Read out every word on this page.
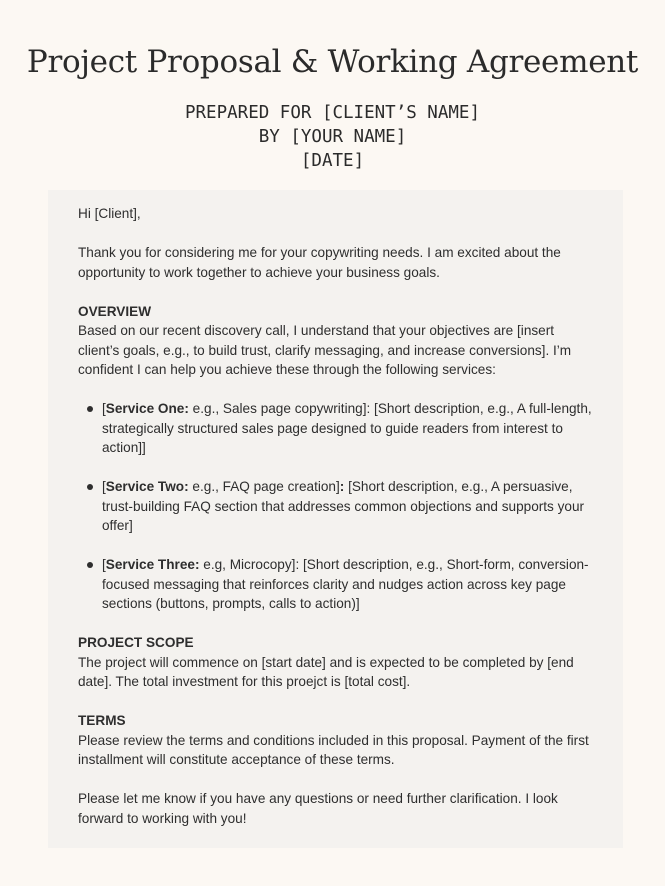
Project Proposal & Working Agreement
PREPARED FOR [CLIENT’S NAME]
BY [YOUR NAME]
[DATE]

Hi [Client],

Thank you for considering me for your copywriting needs. I am excited about the opportunity to work together to achieve your business goals.

OVERVIEW

Based on our recent discovery call, I understand that your objectives are [insert client’s goals, e.g., to build trust, clarify messaging, and increase conversions]. I’m confident I can help you achieve these through the following services:

[Service One: e.g., Sales page copywriting]: [Short description, e.g., A full-length, strategically structured sales page designed to guide readers from interest to action]]
[Service Two: e.g., FAQ page creation]: [Short description, e.g., A persuasive, trust-building FAQ section that addresses common objections and supports your offer]
[Service Three: e.g, Microcopy]: [Short description, e.g., Short-form, conversion-focused messaging that reinforces clarity and nudges action across key page sections (buttons, prompts, calls to action)]

PROJECT SCOPE

The project will commence on [start date] and is expected to be completed by [end date]. The total investment for this proejct is [total cost].

TERMS

Please review the terms and conditions included in this proposal. Payment of the first installment will constitute acceptance of these terms.

Please let me know if you have any questions or need further clarification. I look forward to working with you!
